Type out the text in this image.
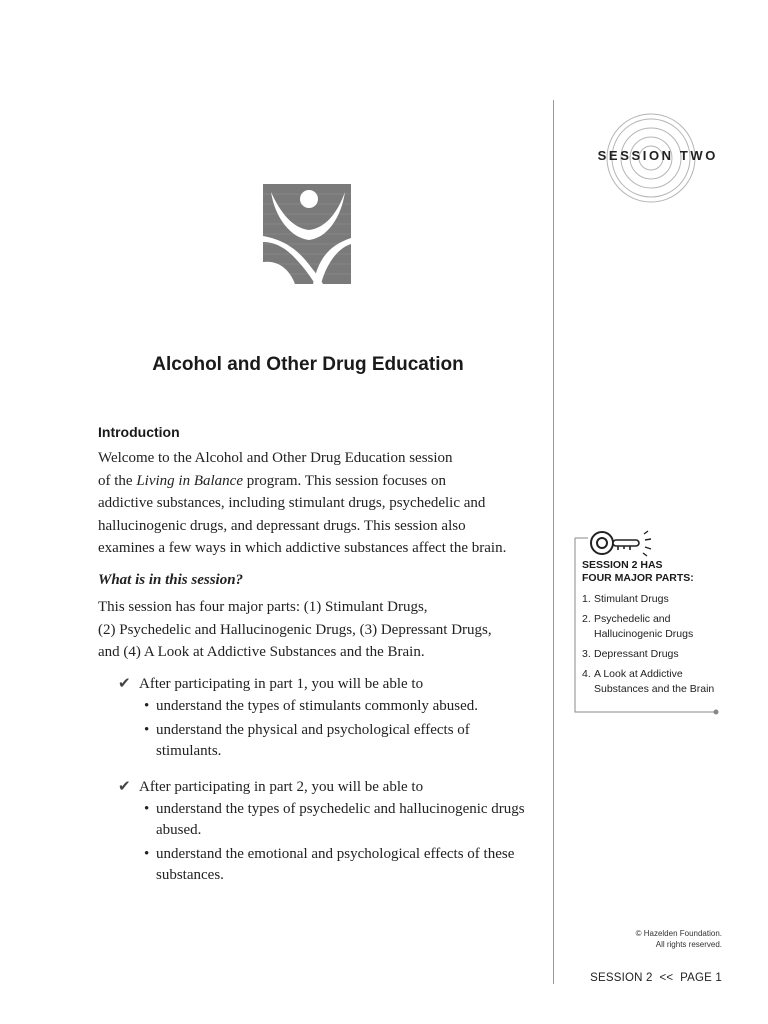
SESSION TWO
Alcohol and Other Drug Education
Introduction
Welcome to the Alcohol and Other Drug Education session
of the Living in Balance program. This session focuses on
addictive substances, including stimulant drugs, psychedelic and
hallucinogenic drugs, and depressant drugs. This session also
examines a few ways in which addictive substances affect the brain.
What is in this session?
This session has four major parts: (1) Stimulant Drugs,
(2) Psychedelic and Hallucinogenic Drugs, (3) Depressant Drugs,
and (4) A Look at Addictive Substances and the Brain.
✔ After participating in part 1, you will be able to
• understand the types of stimulants commonly abused.
• understand the physical and psychological effects of stimulants.
✔ After participating in part 2, you will be able to
• understand the types of psychedelic and hallucinogenic drugs abused.
• understand the emotional and psychological effects of these substances.
SESSION 2 HAS
FOUR MAJOR PARTS:
1. Stimulant Drugs
2. Psychedelic and Hallucinogenic Drugs
3. Depressant Drugs
4. A Look at Addictive Substances and the Brain
© Hazelden Foundation.
All rights reserved.
SESSION 2 << PAGE 1
